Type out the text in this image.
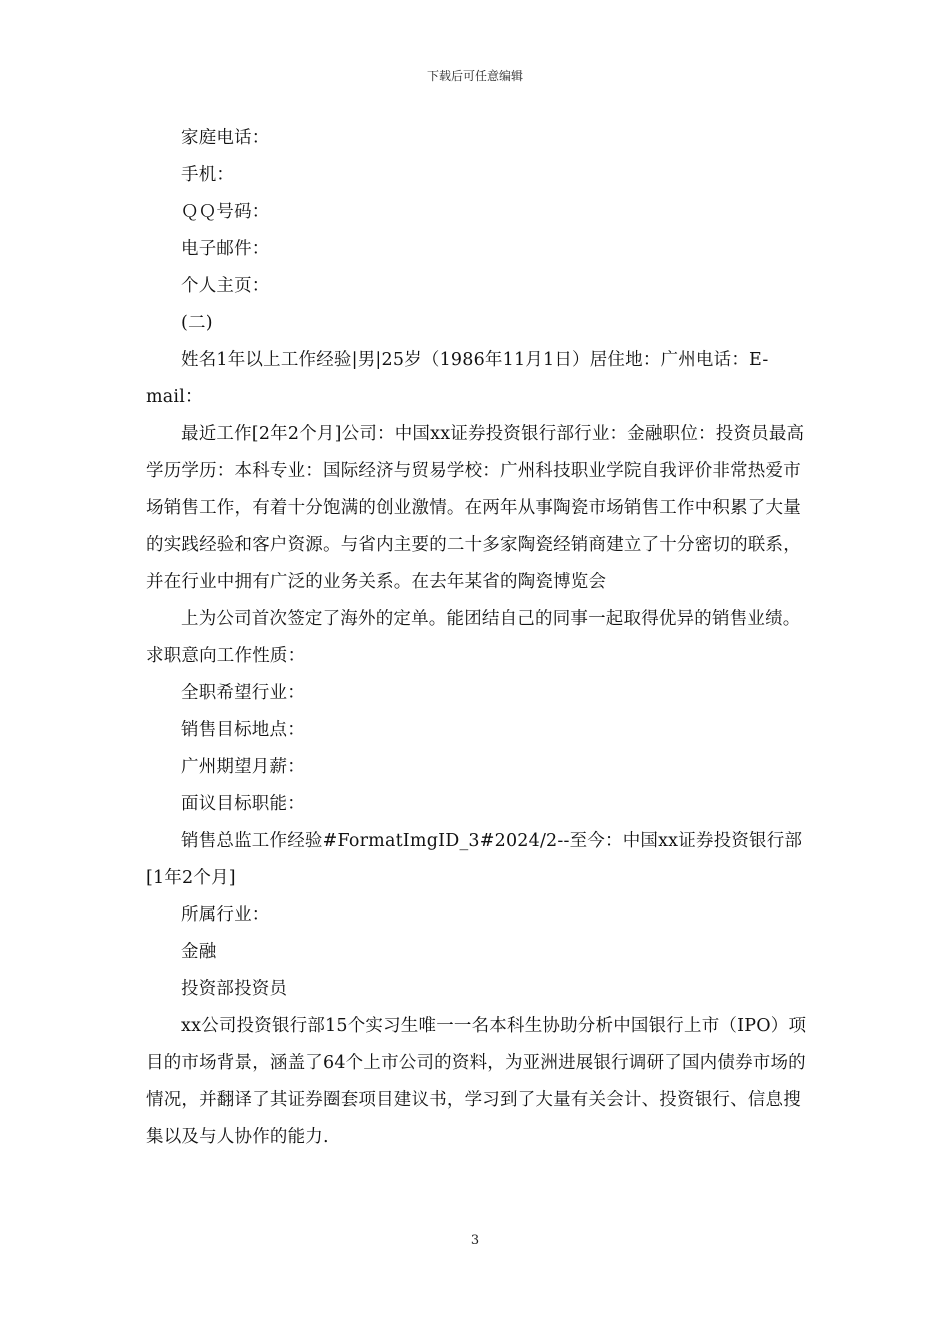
下载后可任意编辑

家庭电话：

手机：

ＱＱ号码：

电子邮件：

个人主页：

(二)

姓名1年以上工作经验|男|25岁（1986年11月1日）居住地：广州电话：E-mail：

最近工作[2年2个月]公司：中国xx证券投资银行部行业：金融职位：投资员最高学历学历：本科专业：国际经济与贸易学校：广州科技职业学院自我评价非常热爱市场销售工作，有着十分饱满的创业激情。在两年从事陶瓷市场销售工作中积累了大量的实践经验和客户资源。与省内主要的二十多家陶瓷经销商建立了十分密切的联系，并在行业中拥有广泛的业务关系。在去年某省的陶瓷博览会

上为公司首次签定了海外的定单。能团结自己的同事一起取得优异的销售业绩。求职意向工作性质：

全职希望行业：

销售目标地点：

广州期望月薪：

面议目标职能：

销售总监工作经验#FormatImgID_3#2024/2--至今：中国xx证券投资银行部[1年2个月]

所属行业：

金融

投资部投资员

xx公司投资银行部15个实习生唯一一名本科生协助分析中国银行上市（IPO）项目的市场背景，涵盖了64个上市公司的资料，为亚洲进展银行调研了国内债券市场的情况，并翻译了其证券圈套项目建议书，学习到了大量有关会计、投资银行、信息搜集以及与人协作的能力.

3
